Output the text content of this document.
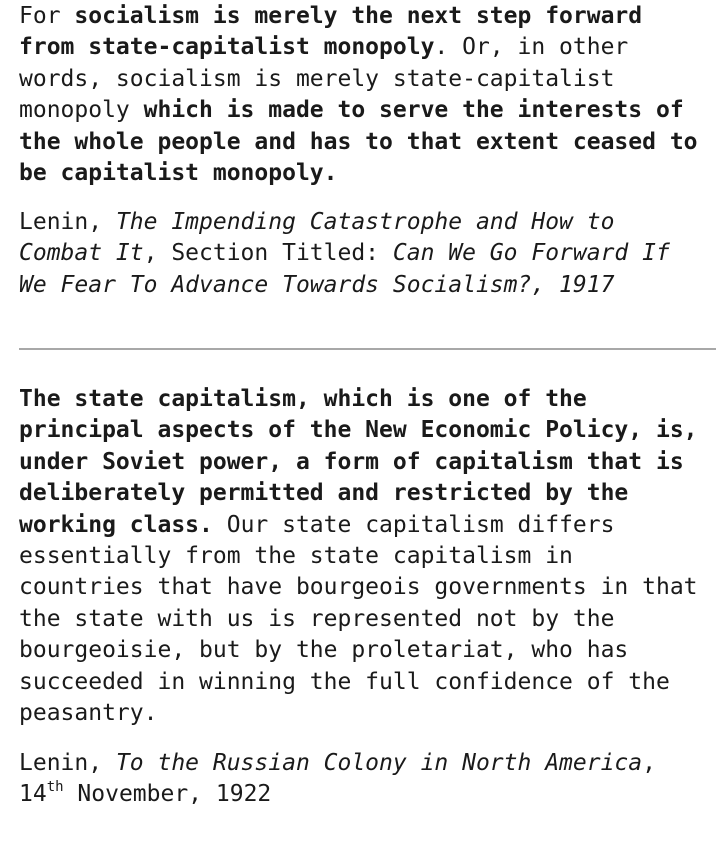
For socialism is merely the next step forward
from state-capitalist monopoly. Or, in other
words, socialism is merely state-capitalist
monopoly which is made to serve the interests of
the whole people and has to that extent ceased to
be capitalist monopoly.
Lenin, The Impending Catastrophe and How to
Combat It, Section Titled: Can We Go Forward If
We Fear To Advance Towards Socialism?, 1917
The state capitalism, which is one of the
principal aspects of the New Economic Policy, is,
under Soviet power, a form of capitalism that is
deliberately permitted and restricted by the
working class. Our state capitalism differs
essentially from the state capitalism in
countries that have bourgeois governments in that
the state with us is represented not by the
bourgeoisie, but by the proletariat, who has
succeeded in winning the full confidence of the
peasantry.
Lenin, To the Russian Colony in North America,
14th November, 1922
